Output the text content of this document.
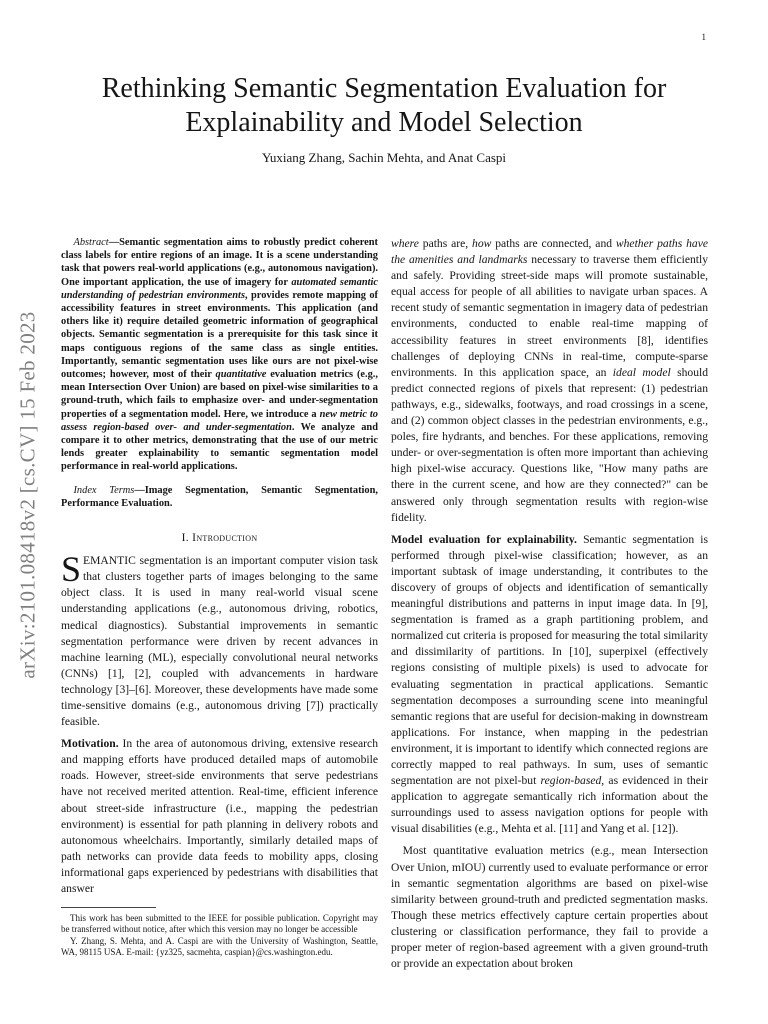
1
arXiv:2101.08418v2 [cs.CV] 15 Feb 2023
Rethinking Semantic Segmentation Evaluation for
Explainability and Model Selection
Yuxiang Zhang, Sachin Mehta, and Anat Caspi

Abstract—Semantic segmentation aims to robustly predict coherent class labels for entire regions of an image. It is a scene understanding task that powers real-world applications (e.g., autonomous navigation). One important application, the use of imagery for automated semantic understanding of pedestrian environments, provides remote mapping of accessibility features in street environments. This application (and others like it) require detailed geometric information of geographical objects. Semantic segmentation is a prerequisite for this task since it maps contiguous regions of the same class as single entities. Importantly, semantic segmentation uses like ours are not pixel-wise outcomes; however, most of their quantitative evaluation metrics (e.g., mean Intersection Over Union) are based on pixel-wise similarities to a ground-truth, which fails to emphasize over- and under-segmentation properties of a segmentation model. Here, we introduce a new metric to assess region-based over- and under-segmentation. We analyze and compare it to other metrics, demonstrating that the use of our metric lends greater explainability to semantic segmentation model performance in real-world applications.

Index Terms—Image Segmentation, Semantic Segmentation, Performance Evaluation.

I. Introduction

SEMANTIC segmentation is an important computer vision task that clusters together parts of images belonging to the same object class. It is used in many real-world visual scene understanding applications (e.g., autonomous driving, robotics, medical diagnostics). Substantial improvements in semantic segmentation performance were driven by recent advances in machine learning (ML), especially convolutional neural networks (CNNs) [1], [2], coupled with advancements in hardware technology [3]–[6]. Moreover, these developments have made some time-sensitive domains (e.g., autonomous driving [7]) practically feasible.

Motivation. In the area of autonomous driving, extensive research and mapping efforts have produced detailed maps of automobile roads. However, street-side environments that serve pedestrians have not received merited attention. Real-time, efficient inference about street-side infrastructure (i.e., mapping the pedestrian environment) is essential for path planning in delivery robots and autonomous wheelchairs. Importantly, similarly detailed maps of path networks can provide data feeds to mobility apps, closing informational gaps experienced by pedestrians with disabilities that answer

This work has been submitted to the IEEE for possible publication. Copyright may be transferred without notice, after which this version may no longer be accessible

Y. Zhang, S. Mehta, and A. Caspi are with the University of Washington, Seattle, WA, 98115 USA. E-mail: {yz325, sacmehta, caspian}@cs.washington.edu.

where paths are, how paths are connected, and whether paths have the amenities and landmarks necessary to traverse them efficiently and safely. Providing street-side maps will promote sustainable, equal access for people of all abilities to navigate urban spaces. A recent study of semantic segmentation in imagery data of pedestrian environments, conducted to enable real-time mapping of accessibility features in street environments [8], identifies challenges of deploying CNNs in real-time, compute-sparse environments. In this application space, an ideal model should predict connected regions of pixels that represent: (1) pedestrian pathways, e.g., sidewalks, footways, and road crossings in a scene, and (2) common object classes in the pedestrian environments, e.g., poles, fire hydrants, and benches. For these applications, removing under- or over-segmentation is often more important than achieving high pixel-wise accuracy. Questions like, "How many paths are there in the current scene, and how are they connected?" can be answered only through segmentation results with region-wise fidelity.

Model evaluation for explainability. Semantic segmentation is performed through pixel-wise classification; however, as an important subtask of image understanding, it contributes to the discovery of groups of objects and identification of semantically meaningful distributions and patterns in input image data. In [9], segmentation is framed as a graph partitioning problem, and normalized cut criteria is proposed for measuring the total similarity and dissimilarity of partitions. In [10], superpixel (effectively regions consisting of multiple pixels) is used to advocate for evaluating segmentation in practical applications. Semantic segmentation decomposes a surrounding scene into meaningful semantic regions that are useful for decision-making in downstream applications. For instance, when mapping in the pedestrian environment, it is important to identify which connected regions are correctly mapped to real pathways. In sum, uses of semantic segmentation are not pixel-but region-based, as evidenced in their application to aggregate semantically rich information about the surroundings used to assess navigation options for people with visual disabilities (e.g., Mehta et al. [11] and Yang et al. [12]).

Most quantitative evaluation metrics (e.g., mean Intersection Over Union, mIOU) currently used to evaluate performance or error in semantic segmentation algorithms are based on pixel-wise similarity between ground-truth and predicted segmentation masks. Though these metrics effectively capture certain properties about clustering or classification performance, they fail to provide a proper meter of region-based agreement with a given ground-truth or provide an expectation about broken
